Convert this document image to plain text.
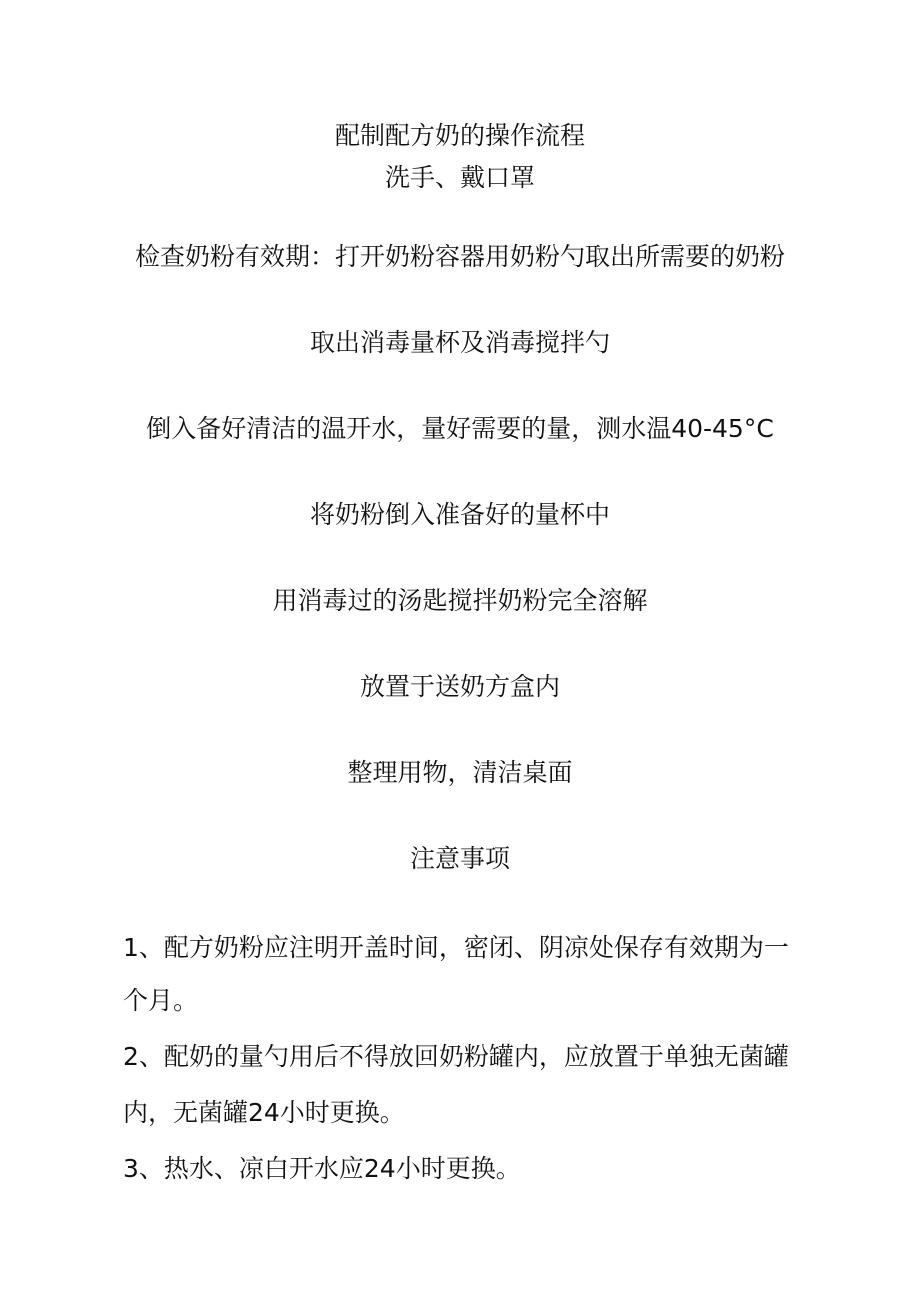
配制配方奶的操作流程
洗手、戴口罩
检查奶粉有效期：打开奶粉容器用奶粉勺取出所需要的奶粉
取出消毒量杯及消毒搅拌勺
倒入备好清洁的温开水，量好需要的量，测水温40-45°C
将奶粉倒入准备好的量杯中
用消毒过的汤匙搅拌奶粉完全溶解
放置于送奶方盒内
整理用物，清洁桌面
注意事项
1、配方奶粉应注明开盖时间，密闭、阴凉处保存有效期为一
个月。
2、配奶的量勺用后不得放回奶粉罐内，应放置于单独无菌罐
内，无菌罐24小时更换。
3、热水、凉白开水应24小时更换。
